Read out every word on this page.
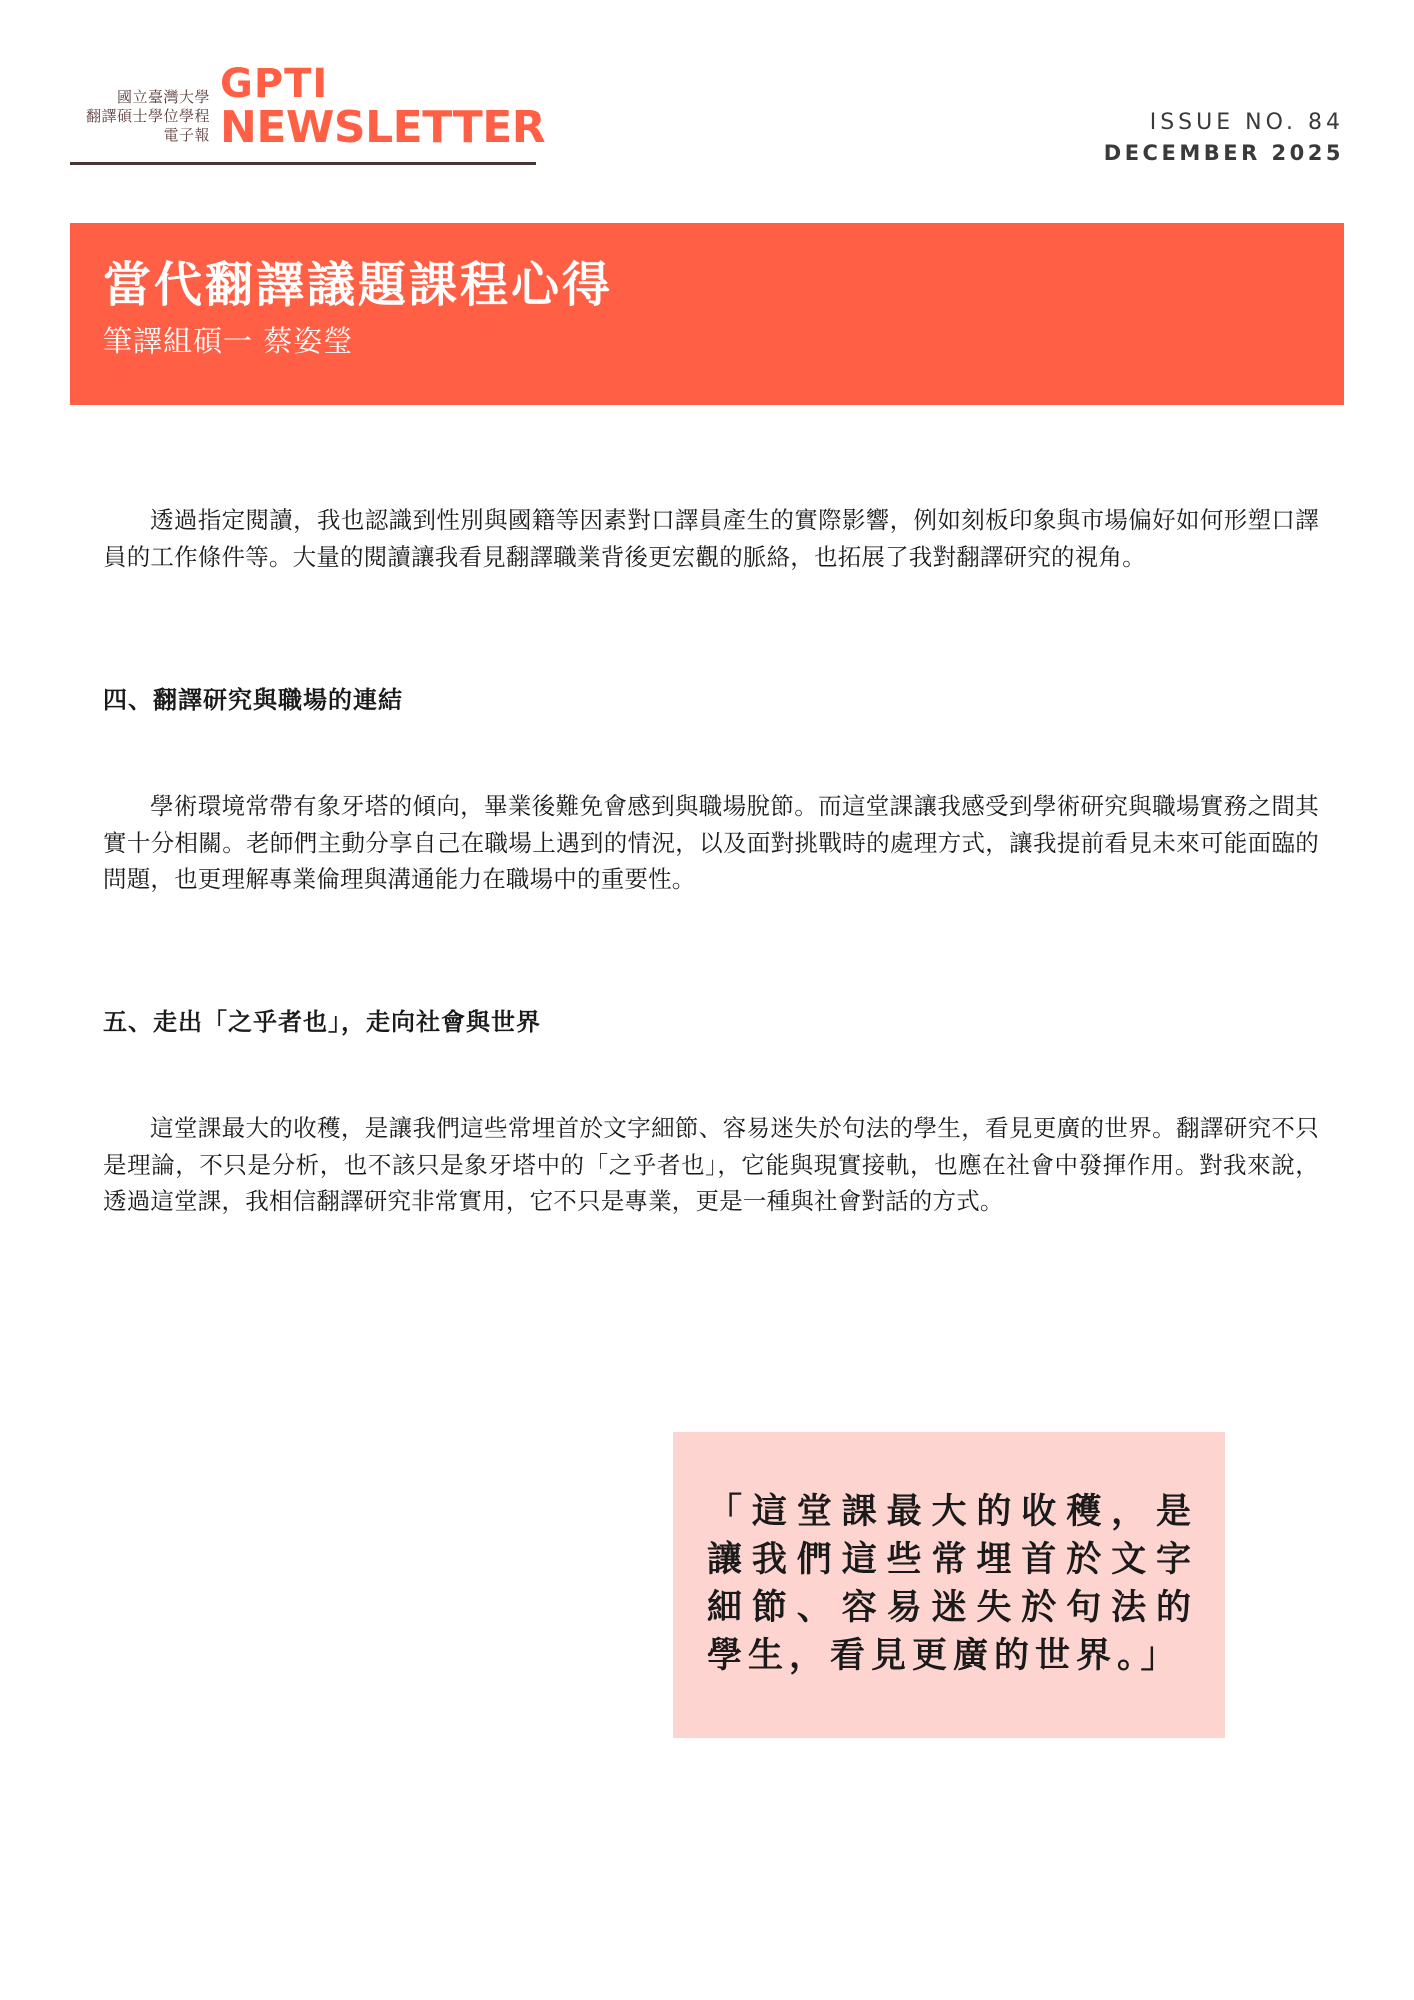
國立臺灣大學
翻譯碩士學位學程
電子報
GPTI
NEWSLETTER	ISSUE NO. 84
DECEMBER 2025
當代翻譯議題課程心得
筆譯組碩一 蔡姿瑩

透過指定閱讀，我也認識到性別與國籍等因素對口譯員產生的實際影響，例如刻板印象與市場偏好如何形塑口譯員的工作條件等。大量的閱讀讓我看見翻譯職業背後更宏觀的脈絡，也拓展了我對翻譯研究的視角。

四、翻譯研究與職場的連結

學術環境常帶有象牙塔的傾向，畢業後難免會感到與職場脫節。而這堂課讓我感受到學術研究與職場實務之間其實十分相關。老師們主動分享自己在職場上遇到的情況，以及面對挑戰時的處理方式，讓我提前看見未來可能面臨的問題，也更理解專業倫理與溝通能力在職場中的重要性。

五、走出「之乎者也」，走向社會與世界

這堂課最大的收穫，是讓我們這些常埋首於文字細節、容易迷失於句法的學生，看見更廣的世界。翻譯研究不只是理論，不只是分析，也不該只是象牙塔中的「之乎者也」，它能與現實接軌，也應在社會中發揮作用。對我來說，透過這堂課，我相信翻譯研究非常實用，它不只是專業，更是一種與社會對話的方式。

「這堂課最大的收穫，是讓我們這些常埋首於文字細節、容易迷失於句法的學生，看見更廣的世界。」
